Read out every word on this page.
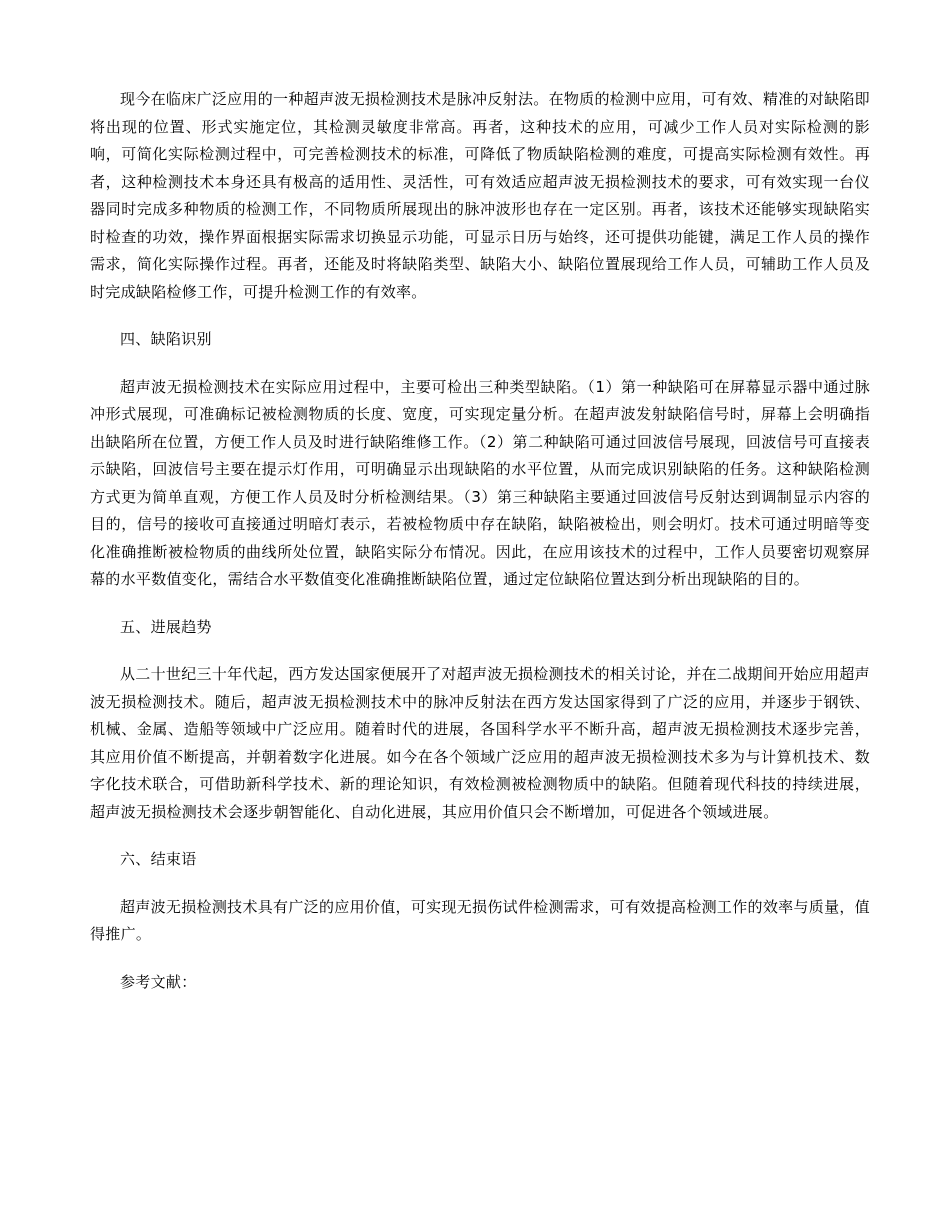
现今在临床广泛应用的一种超声波无损检测技术是脉冲反射法。在物质的检测中应用，可有效、精准的对缺陷即将出现的位置、形式实施定位，其检测灵敏度非常高。再者，这种技术的应用，可减少工作人员对实际检测的影响，可简化实际检测过程中，可完善检测技术的标准，可降低了物质缺陷检测的难度，可提高实际检测有效性。再者，这种检测技术本身还具有极高的适用性、灵活性，可有效适应超声波无损检测技术的要求，可有效实现一台仪器同时完成多种物质的检测工作，不同物质所展现出的脉冲波形也存在一定区别。再者，该技术还能够实现缺陷实时检查的功效，操作界面根据实际需求切换显示功能，可显示日历与始终，还可提供功能键，满足工作人员的操作需求，简化实际操作过程。再者，还能及时将缺陷类型、缺陷大小、缺陷位置展现给工作人员，可辅助工作人员及时完成缺陷检修工作，可提升检测工作的有效率。

四、缺陷识别

超声波无损检测技术在实际应用过程中，主要可检出三种类型缺陷。（1）第一种缺陷可在屏幕显示器中通过脉冲形式展现，可准确标记被检测物质的长度、宽度，可实现定量分析。在超声波发射缺陷信号时，屏幕上会明确指出缺陷所在位置，方便工作人员及时进行缺陷维修工作。（2）第二种缺陷可通过回波信号展现，回波信号可直接表示缺陷，回波信号主要在提示灯作用，可明确显示出现缺陷的水平位置，从而完成识别缺陷的任务。这种缺陷检测方式更为简单直观，方便工作人员及时分析检测结果。（3）第三种缺陷主要通过回波信号反射达到调制显示内容的目的，信号的接收可直接通过明暗灯表示，若被检物质中存在缺陷，缺陷被检出，则会明灯。技术可通过明暗等变化准确推断被检物质的曲线所处位置，缺陷实际分布情况。因此，在应用该技术的过程中，工作人员要密切观察屏幕的水平数值变化，需结合水平数值变化准确推断缺陷位置，通过定位缺陷位置达到分析出现缺陷的目的。

五、进展趋势

从二十世纪三十年代起，西方发达国家便展开了对超声波无损检测技术的相关讨论，并在二战期间开始应用超声波无损检测技术。随后，超声波无损检测技术中的脉冲反射法在西方发达国家得到了广泛的应用，并逐步于钢铁、机械、金属、造船等领域中广泛应用。随着时代的进展，各国科学水平不断升高，超声波无损检测技术逐步完善，其应用价值不断提高，并朝着数字化进展。如今在各个领域广泛应用的超声波无损检测技术多为与计算机技术、数字化技术联合，可借助新科学技术、新的理论知识，有效检测被检测物质中的缺陷。但随着现代科技的持续进展，超声波无损检测技术会逐步朝智能化、自动化进展，其应用价值只会不断增加，可促进各个领域进展。

六、结束语

超声波无损检测技术具有广泛的应用价值，可实现无损伤试件检测需求，可有效提高检测工作的效率与质量，值得推广。

参考文献：
